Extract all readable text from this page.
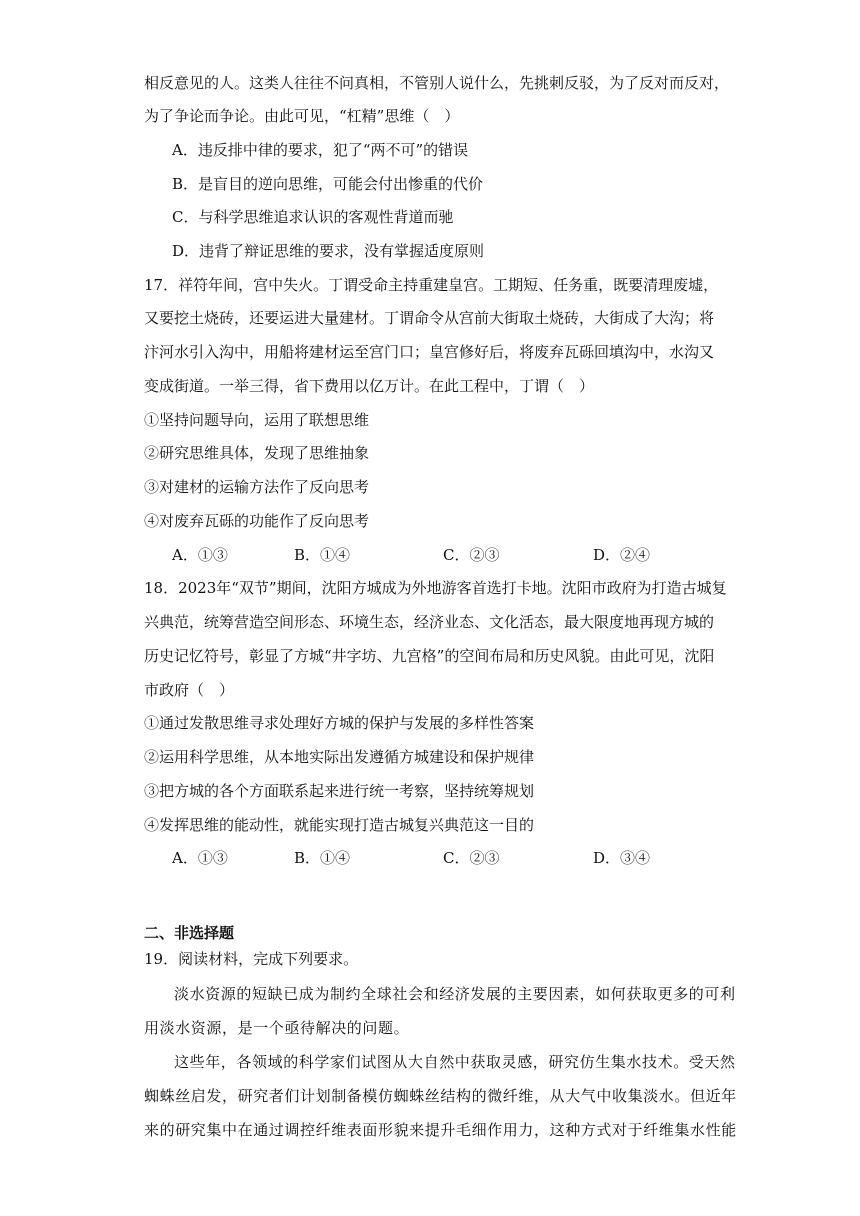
相反意见的人。这类人往往不问真相，不管别人说什么，先挑刺反驳，为了反对而反对，
为了争论而争论。由此可见，“杠精”思维（　）
A．违反排中律的要求，犯了“两不可”的错误
B．是盲目的逆向思维，可能会付出惨重的代价
C．与科学思维追求认识的客观性背道而驰
D．违背了辩证思维的要求，没有掌握适度原则
17．祥符年间，宫中失火。丁谓受命主持重建皇宫。工期短、任务重，既要清理废墟，
又要挖土烧砖，还要运进大量建材。丁谓命令从宫前大街取土烧砖，大街成了大沟；将
汴河水引入沟中，用船将建材运至宫门口；皇宫修好后，将废弃瓦砾回填沟中，水沟又
变成街道。一举三得，省下费用以亿万计。在此工程中，丁谓（　）
①坚持问题导向，运用了联想思维
②研究思维具体，发现了思维抽象
③对建材的运输方法作了反向思考
④对废弃瓦砾的功能作了反向思考
A．①③	B．①④	C．②③	D．②④
18．2023年“双节”期间，沈阳方城成为外地游客首选打卡地。沈阳市政府为打造古城复
兴典范，统筹营造空间形态、环境生态，经济业态、文化活态，最大限度地再现方城的
历史记忆符号，彰显了方城“井字坊、九宫格”的空间布局和历史风貌。由此可见，沈阳
市政府（　）
①通过发散思维寻求处理好方城的保护与发展的多样性答案
②运用科学思维，从本地实际出发遵循方城建设和保护规律
③把方城的各个方面联系起来进行统一考察，坚持统筹规划
④发挥思维的能动性，就能实现打造古城复兴典范这一目的
A．①③	B．①④	C．②③	D．③④
二、非选择题
19．阅读材料，完成下列要求。
淡水资源的短缺已成为制约全球社会和经济发展的主要因素，如何获取更多的可利
用淡水资源，是一个亟待解决的问题。
这些年，各领域的科学家们试图从大自然中获取灵感，研究仿生集水技术。受天然
蜘蛛丝启发，研究者们计划制备模仿蜘蛛丝结构的微纤维，从大气中收集淡水。但近年
来的研究集中在通过调控纤维表面形貌来提升毛细作用力，这种方式对于纤维集水性能
